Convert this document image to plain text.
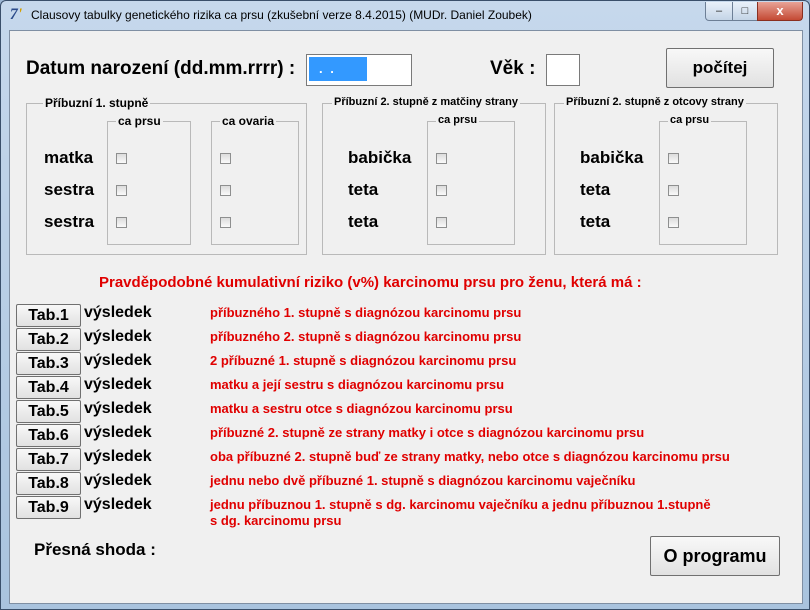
7' Clausovy tabulky genetického rizika ca prsu (zkušební verze 8.4.2015) (MUDr. Daniel Zoubek)	–	□	x
Datum narození (dd.mm.rrrr) :	. .	Věk :	počítej
Příbuzní 1. stupně
ca prsu	ca ovaria
matka
sestra
sestra
Příbuzní 2. stupně z matčiny strany
ca prsu
babička
teta
teta
Příbuzní 2. stupně z otcovy strany
ca prsu
babička
teta
teta
Pravděpodobné kumulativní riziko (v%) karcinomu prsu pro ženu, která má :
Tab.1 výsledek	příbuzného 1. stupně s diagnózou karcinomu prsu
Tab.2 výsledek	příbuzného 2. stupně s diagnózou karcinomu prsu
Tab.3 výsledek	2 příbuzné 1. stupně s diagnózou karcinomu prsu
Tab.4 výsledek	matku a její sestru s diagnózou karcinomu prsu
Tab.5 výsledek	matku a sestru otce s diagnózou karcinomu prsu
Tab.6 výsledek	příbuzné 2. stupně ze strany matky i otce s diagnózou karcinomu prsu
Tab.7 výsledek	oba příbuzné 2. stupně buď ze strany matky, nebo otce s diagnózou karcinomu prsu
Tab.8 výsledek	jednu nebo dvě příbuzné 1. stupně s diagnózou karcinomu vaječníku
Tab.9 výsledek	jednu příbuznou 1. stupně s dg. karcinomu vaječníku a jednu příbuznou 1.stupně
s dg. karcinomu prsu
Přesná shoda :	O programu
